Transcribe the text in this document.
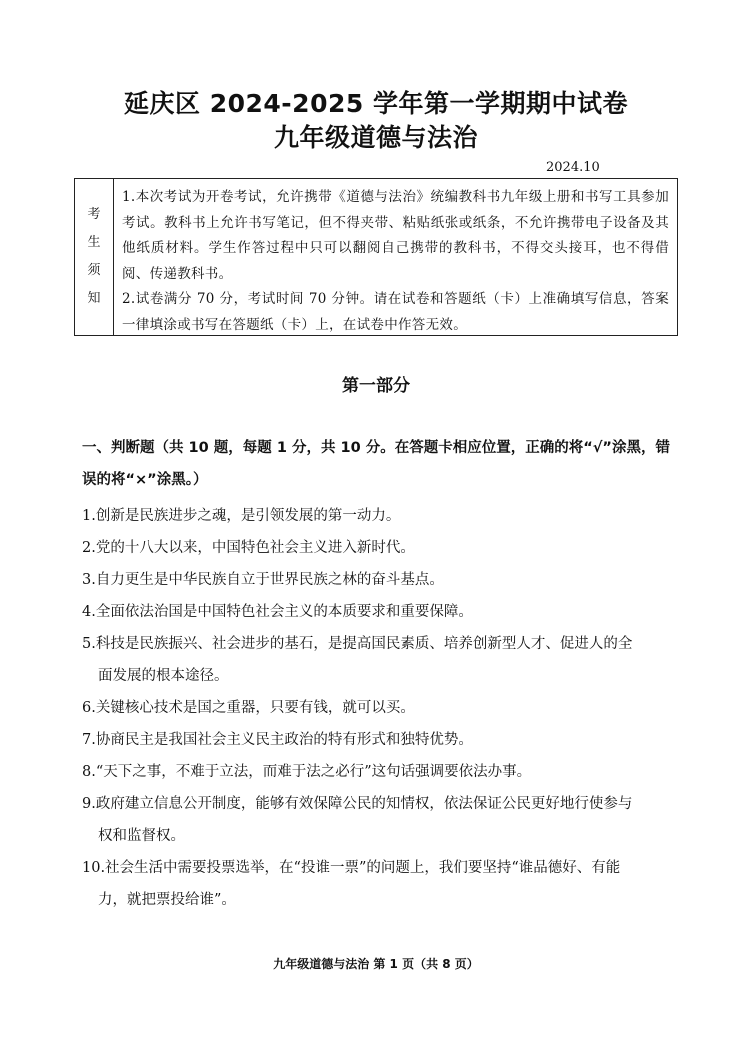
延庆区 2024-2025 学年第一学期期中试卷
九年级道德与法治
2024.10
考
生
须
知

1.本次考试为开卷考试，允许携带《道德与法治》统编教科书九年级上册和书写工具参加考试。教科书上允许书写笔记，但不得夹带、粘贴纸张或纸条，不允许携带电子设备及其他纸质材料。学生作答过程中只可以翻阅自己携带的教科书，不得交头接耳，也不得借阅、传递教科书。

2.试卷满分 70 分，考试时间 70 分钟。请在试卷和答题纸（卡）上准确填写信息，答案一律填涂或书写在答题纸（卡）上，在试卷中作答无效。

第一部分
一、判断题（共 10 题，每题 1 分，共 10 分。在答题卡相应位置，正确的将“√”涂黑，错误的将“×”涂黑。）
1.创新是民族进步之魂，是引领发展的第一动力。
2.党的十八大以来，中国特色社会主义进入新时代。
3.自力更生是中华民族自立于世界民族之林的奋斗基点。
4.全面依法治国是中国特色社会主义的本质要求和重要保障。
5.科技是民族振兴、社会进步的基石，是提高国民素质、培养创新型人才、促进人的全
面发展的根本途径。
6.关键核心技术是国之重器，只要有钱，就可以买。
7.协商民主是我国社会主义民主政治的特有形式和独特优势。
8.“天下之事，不难于立法，而难于法之必行”这句话强调要依法办事。
9.政府建立信息公开制度，能够有效保障公民的知情权，依法保证公民更好地行使参与
权和监督权。
10.社会生活中需要投票选举，在“投谁一票”的问题上，我们要坚持“谁品德好、有能
力，就把票投给谁”。
九年级道德与法治 第 1 页（共 8 页）
